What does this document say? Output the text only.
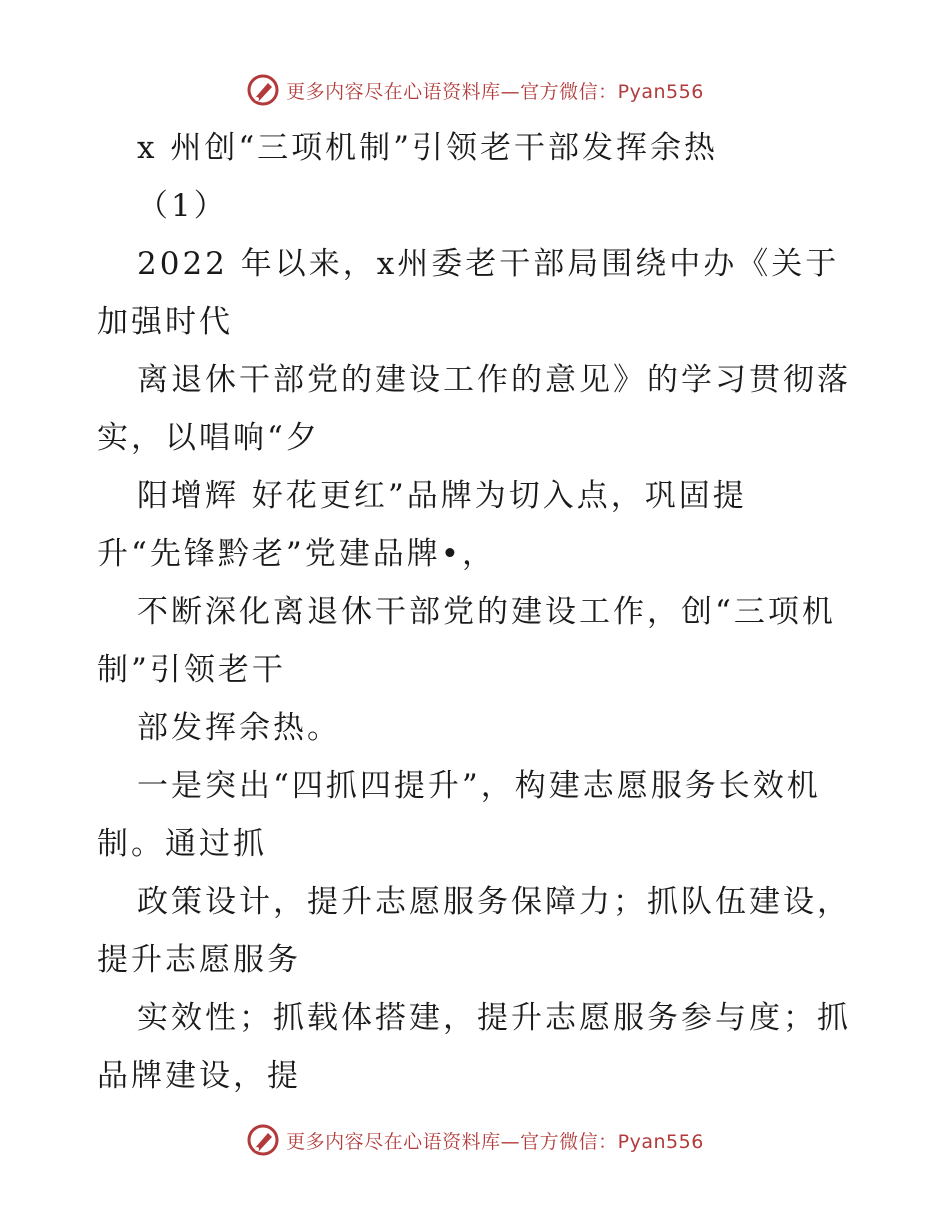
更多内容尽在心语资料库—官方微信：Pyan556
x 州创“三项机制”引领老干部发挥余热
（1）
2022 年以来，x州委老干部局围绕中办《关于
加强时代
离退休干部党的建设工作的意见》的学习贯彻落
实，以唱响“夕
阳增辉 好花更红”品牌为切入点，巩固提
升“先锋黔老”党建品牌•，
不断深化离退休干部党的建设工作，创“三项机
制”引领老干
部发挥余热。
一是突出“四抓四提升”，构建志愿服务长效机
制。通过抓
政策设计，提升志愿服务保障力；抓队伍建设，
提升志愿服务
实效性；抓载体搭建，提升志愿服务参与度；抓
品牌建设，提
更多内容尽在心语资料库—官方微信：Pyan556
